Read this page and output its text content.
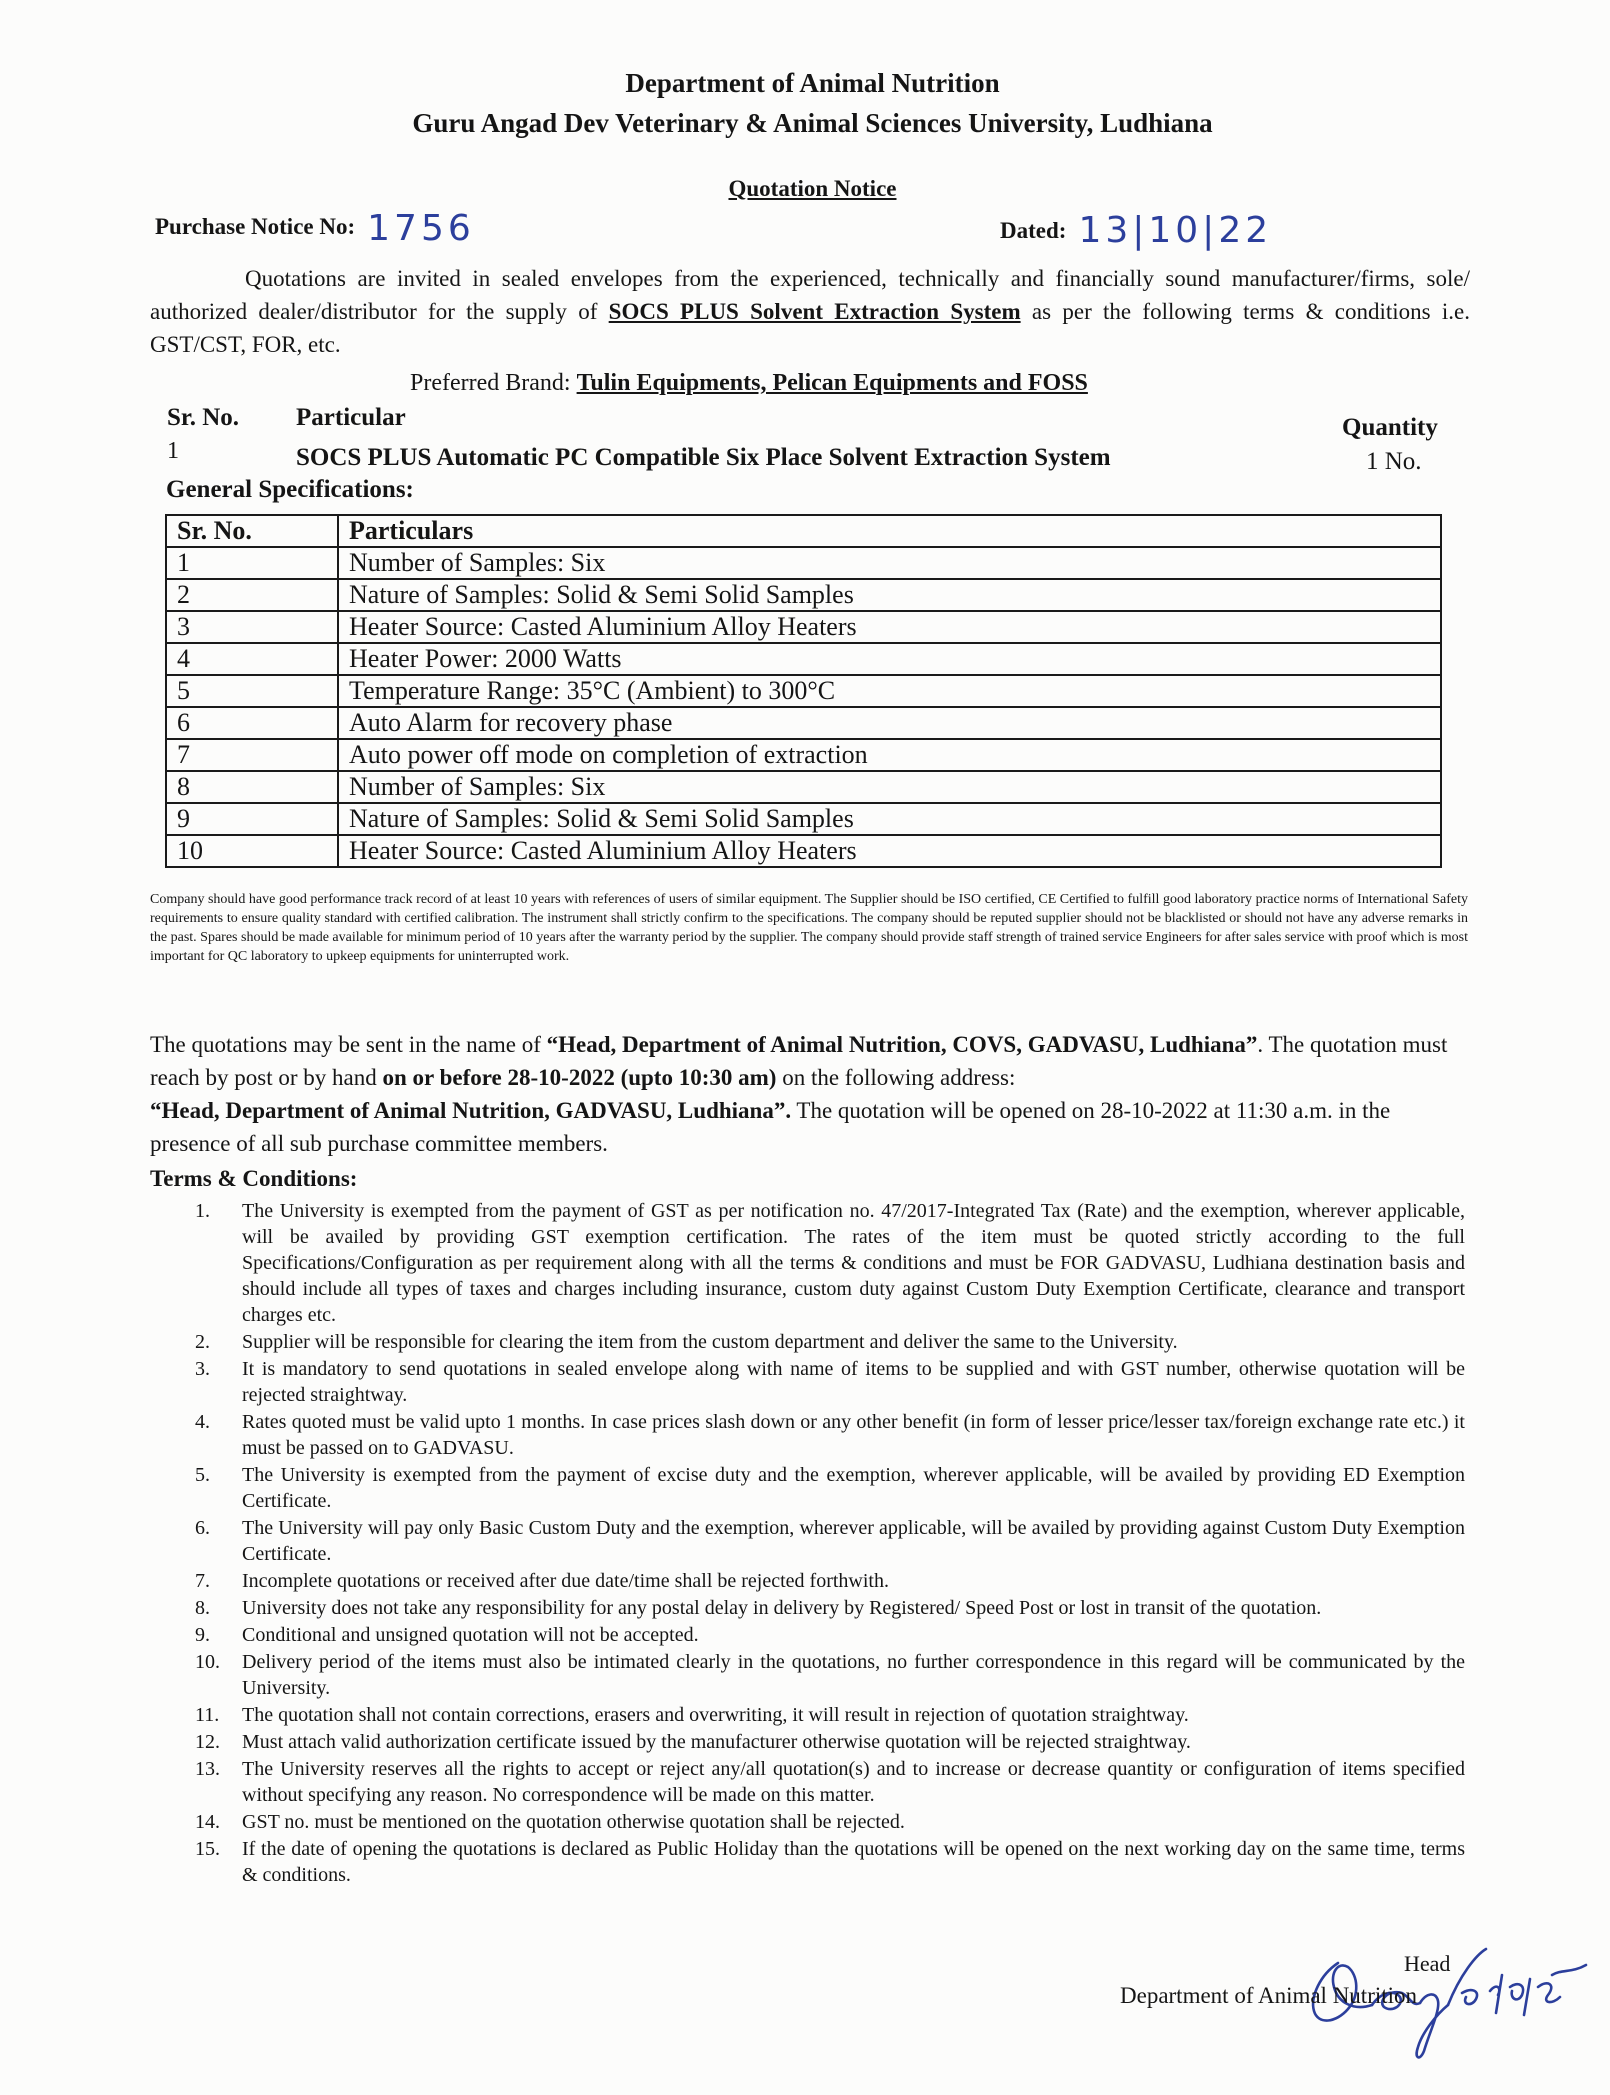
Department of Animal Nutrition
Guru Angad Dev Veterinary & Animal Sciences University, Ludhiana
Quotation Notice
Purchase Notice No: 1756	Dated: 13|10|22
Quotations are invited in sealed envelopes from the experienced, technically and financially sound manufacturer/firms, sole/ authorized dealer/distributor for the supply of SOCS PLUS Solvent Extraction System as per the following terms & conditions i.e. GST/CST, FOR, etc.
Preferred Brand: Tulin Equipments, Pelican Equipments and FOSS
Sr. No. Particular	Quantity
1	SOCS PLUS Automatic PC Compatible Six Place Solvent Extraction System	1 No.
General Specifications:
Sr. No.	Particulars
1	Number of Samples: Six
2	Nature of Samples: Solid & Semi Solid Samples
3	Heater Source: Casted Aluminium Alloy Heaters
4	Heater Power: 2000 Watts
5	Temperature Range: 35°C (Ambient) to 300°C
6	Auto Alarm for recovery phase
7	Auto power off mode on completion of extraction
8	Number of Samples: Six
9	Nature of Samples: Solid & Semi Solid Samples
10	Heater Source: Casted Aluminium Alloy Heaters
Company should have good performance track record of at least 10 years with references of users of similar equipment. The Supplier should be ISO certified, CE Certified to fulfill good laboratory practice norms of International Safety requirements to ensure quality standard with certified calibration. The instrument shall strictly confirm to the specifications. The company should be reputed supplier should not be blacklisted or should not have any adverse remarks in the past. Spares should be made available for minimum period of 10 years after the warranty period by the supplier. The company should provide staff strength of trained service Engineers for after sales service with proof which is most important for QC laboratory to upkeep equipments for uninterrupted work.
The quotations may be sent in the name of “Head, Department of Animal Nutrition, COVS, GADVASU, Ludhiana”. The quotation must reach by post or by hand on or before 28-10-2022 (upto 10:30 am) on the following address:
“Head, Department of Animal Nutrition, GADVASU, Ludhiana”. The quotation will be opened on 28-10-2022 at 11:30 a.m. in the presence of all sub purchase committee members.
Terms & Conditions:
1. The University is exempted from the payment of GST as per notification no. 47/2017-Integrated Tax (Rate) and the exemption, wherever applicable, will be availed by providing GST exemption certification. The rates of the item must be quoted strictly according to the full Specifications/Configuration as per requirement along with all the terms & conditions and must be FOR GADVASU, Ludhiana destination basis and should include all types of taxes and charges including insurance, custom duty against Custom Duty Exemption Certificate, clearance and transport charges etc.
2. Supplier will be responsible for clearing the item from the custom department and deliver the same to the University.
3. It is mandatory to send quotations in sealed envelope along with name of items to be supplied and with GST number, otherwise quotation will be rejected straightway.
4. Rates quoted must be valid upto 1 months. In case prices slash down or any other benefit (in form of lesser price/lesser tax/foreign exchange rate etc.) it must be passed on to GADVASU.
5. The University is exempted from the payment of excise duty and the exemption, wherever applicable, will be availed by providing ED Exemption Certificate.
6. The University will pay only Basic Custom Duty and the exemption, wherever applicable, will be availed by providing against Custom Duty Exemption Certificate.
7. Incomplete quotations or received after due date/time shall be rejected forthwith.
8. University does not take any responsibility for any postal delay in delivery by Registered/ Speed Post or lost in transit of the quotation.
9. Conditional and unsigned quotation will not be accepted.
10. Delivery period of the items must also be intimated clearly in the quotations, no further correspondence in this regard will be communicated by the University.
11. The quotation shall not contain corrections, erasers and overwriting, it will result in rejection of quotation straightway.
12. Must attach valid authorization certificate issued by the manufacturer otherwise quotation will be rejected straightway.
13. The University reserves all the rights to accept or reject any/all quotation(s) and to increase or decrease quantity or configuration of items specified without specifying any reason. No correspondence will be made on this matter.
14. GST no. must be mentioned on the quotation otherwise quotation shall be rejected.
15. If the date of opening the quotations is declared as Public Holiday than the quotations will be opened on the next working day on the same time, terms & conditions.
Head
Department of Animal Nutrition
